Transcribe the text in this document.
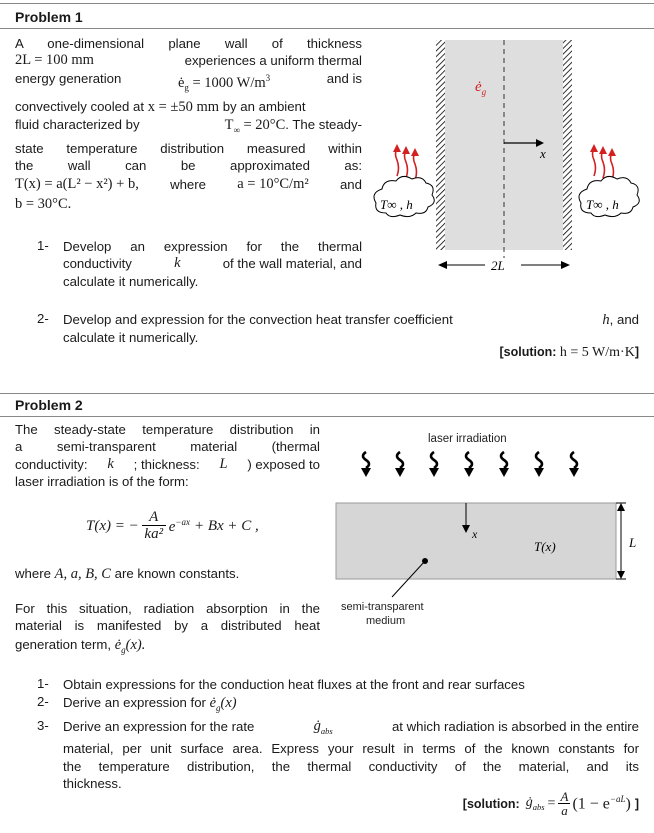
Problem 1
A one-dimensional plane wall of thickness
2L = 100 mm	experiences a uniform thermal
energy generation	$ė_g = 1000$ $W/m^3$	and is
convectively cooled at x = ±50 mm by an ambient
fluid characterized by	$T_\infty = 20^\circ C$. The steady-
state temperature distribution measured within
the	wall	can	be	approximated	as:
T(x) = a(L² − x²) + b, where a = 10°C/m² and
b = 30°C.
1- Develop an expression for the thermal
conductivity	k	of the wall material, and
calculate it numerically.
2- Develop and expression for the convection heat transfer coefficient	h, and
calculate it numerically.
[solution: h = 5 W/m·K]
$ė_g$
x
T∞ , h	T∞ , h
2L
Problem 2
The steady-state temperature distribution in
a	semi-transparent	material	(thermal
conductivity: k ; thickness: L ) exposed to
laser irradiation is of the form:
T(x) = −
A
ka² $e^{-ax} + Bx + C$ ,
where A, a, B, C are known constants.
For this situation, radiation absorption in the
material is manifested by a distributed heat
generation term, $ė_g(x)$.
laser irradiation
x
T(x)
semi-transparent
medium
L
1- Obtain expressions for the conduction heat fluxes at the front and rear surfaces
2- Derive an expression for $ė_g(x)$
3- Derive an expression for the rate	$ġ_{abs}$	at which radiation is absorbed in the entire
material, per unit surface area. Express your result in terms of the known constants for
the temperature distribution, the thermal conductivity of the material, and its
thickness.
[solution: $ġ_{abs} = A$
a $(1 - e^{-aL})$ ]
